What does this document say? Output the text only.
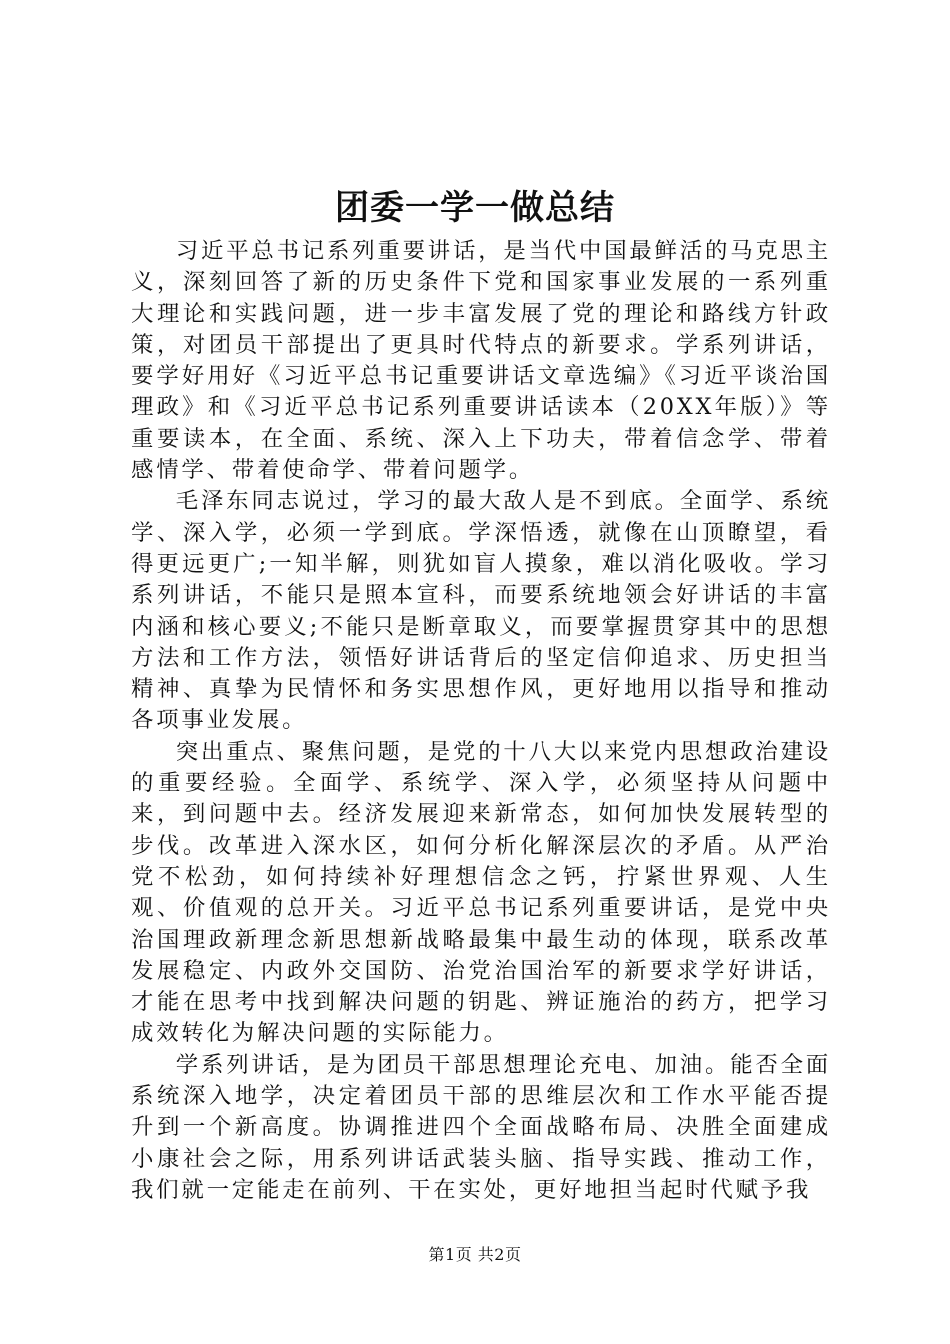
团委一学一做总结

习近平总书记系列重要讲话，是当代中国最鲜活的马克思主义，深刻回答了新的历史条件下党和国家事业发展的一系列重大理论和实践问题，进一步丰富发展了党的理论和路线方针政策，对团员干部提出了更具时代特点的新要求。学系列讲话，要学好用好《习近平总书记重要讲话文章选编》《习近平谈治国理政》和《习近平总书记系列重要讲话读本（20XX年版）》等重要读本，在全面、系统、深入上下功夫，带着信念学、带着感情学、带着使命学、带着问题学。

毛泽东同志说过，学习的最大敌人是不到底。全面学、系统学、深入学，必须一学到底。学深悟透，就像在山顶瞭望，看得更远更广;一知半解，则犹如盲人摸象，难以消化吸收。学习系列讲话，不能只是照本宣科，而要系统地领会好讲话的丰富内涵和核心要义;不能只是断章取义，而要掌握贯穿其中的思想方法和工作方法，领悟好讲话背后的坚定信仰追求、历史担当精神、真挚为民情怀和务实思想作风，更好地用以指导和推动各项事业发展。

突出重点、聚焦问题，是党的十八大以来党内思想政治建设的重要经验。全面学、系统学、深入学，必须坚持从问题中来，到问题中去。经济发展迎来新常态，如何加快发展转型的步伐。改革进入深水区，如何分析化解深层次的矛盾。从严治党不松劲，如何持续补好理想信念之钙，拧紧世界观、人生观、价值观的总开关。习近平总书记系列重要讲话，是党中央治国理政新理念新思想新战略最集中最生动的体现，联系改革发展稳定、内政外交国防、治党治国治军的新要求学好讲话，才能在思考中找到解决问题的钥匙、辨证施治的药方，把学习成效转化为解决问题的实际能力。

学系列讲话，是为团员干部思想理论充电、加油。能否全面系统深入地学，决定着团员干部的思维层次和工作水平能否提升到一个新高度。协调推进四个全面战略布局、决胜全面建成小康社会之际，用系列讲话武装头脑、指导实践、推动工作，我们就一定能走在前列、干在实处，更好地担当起时代赋予我

第1页 共2页
